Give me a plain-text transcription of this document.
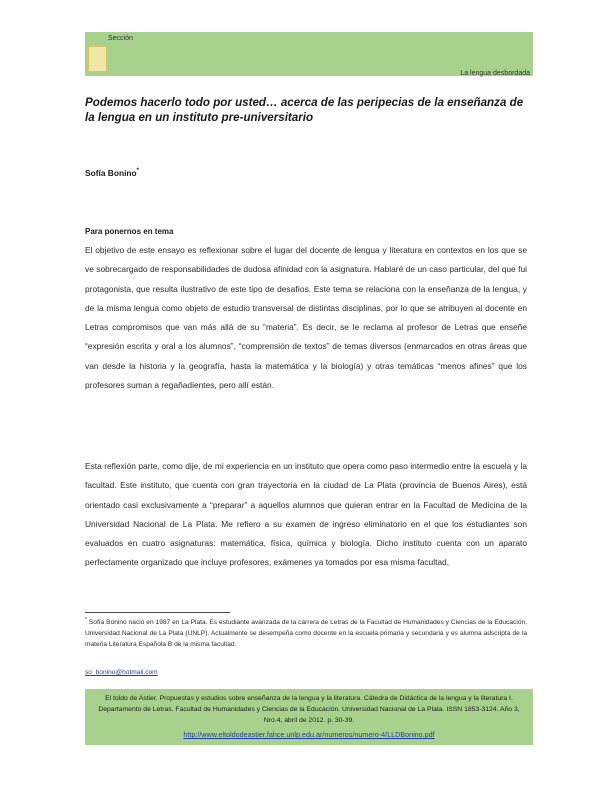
Sección
La lengua desbordada
Podemos hacerlo todo por usted… acerca de las peripecias de la enseñanza de la lengua en un instituto pre-universitario
Sofía Bonino*
Para ponernos en tema
El objetivo de este ensayo es reflexionar sobre el lugar del docente de lengua y literatura en contextos en los que se ve sobrecargado de responsabilidades de dudosa afinidad con la asignatura. Hablaré de un caso particular, del que fui protagonista, que resulta ilustrativo de este tipo de desafíos. Este tema se relaciona con la enseñanza de la lengua, y de la misma lengua como objeto de estudio transversal de distintas disciplinas, por lo que se atribuyen al docente en Letras compromisos que van más allá de su “materia”. Es decir, se le reclama al profesor de Letras que enseñe “expresión escrita y oral a los alumnos”, “comprensión de textos” de temas diversos (enmarcados en otras áreas que van desde la historia y la geografía, hasta la matemática y la biología) y otras temáticas “menos afines” que los profesores suman a regañadientes, pero allí están.
Esta reflexión parte, como dije, de mi experiencia en un instituto que opera como paso intermedio entre la escuela y la facultad. Este instituto, que cuenta con gran trayectoria en la ciudad de La Plata (provincia de Buenos Aires), está orientado casi exclusivamente a “preparar” a aquellos alumnos que quieran entrar en la Facultad de Medicina de la Universidad Nacional de La Plata. Me refiero a su examen de ingreso eliminatorio en el que los estudiantes son evaluados en cuatro asignaturas: matemática, física, química y biología. Dicho instituto cuenta con un aparato perfectamente organizado que incluye profesores, exámenes ya tomados por esa misma facultad,
* Sofía Bonino nació en 1987 en La Plata. Es estudiante avanzada de la carrera de Letras de la Facultad de Humanidades y Ciencias de la Educación, Universidad Nacional de La Plata (UNLP). Actualmente se desempeña como docente en la escuela primaria y secundaria y es alumna adscripta de la materia Literatura Española B de la misma facultad.
so_bonino@hotmail.com
El toldo de Astier. Propuestas y estudios sobre enseñanza de la lengua y la literatura. Cátedra de Didáctica de la lengua y la literatura I. Departamento de Letras. Facultad de Humanidades y Ciencias de la Educación. Universidad Nacional de La Plata. ISSN 1853-3124. Año 3, Nro.4, abril de 2012. p. 30-39.
http://www.eltoldodeastier.fahce.unlp.edu.ar/numeros/numero-4/LLDBonino.pdf
